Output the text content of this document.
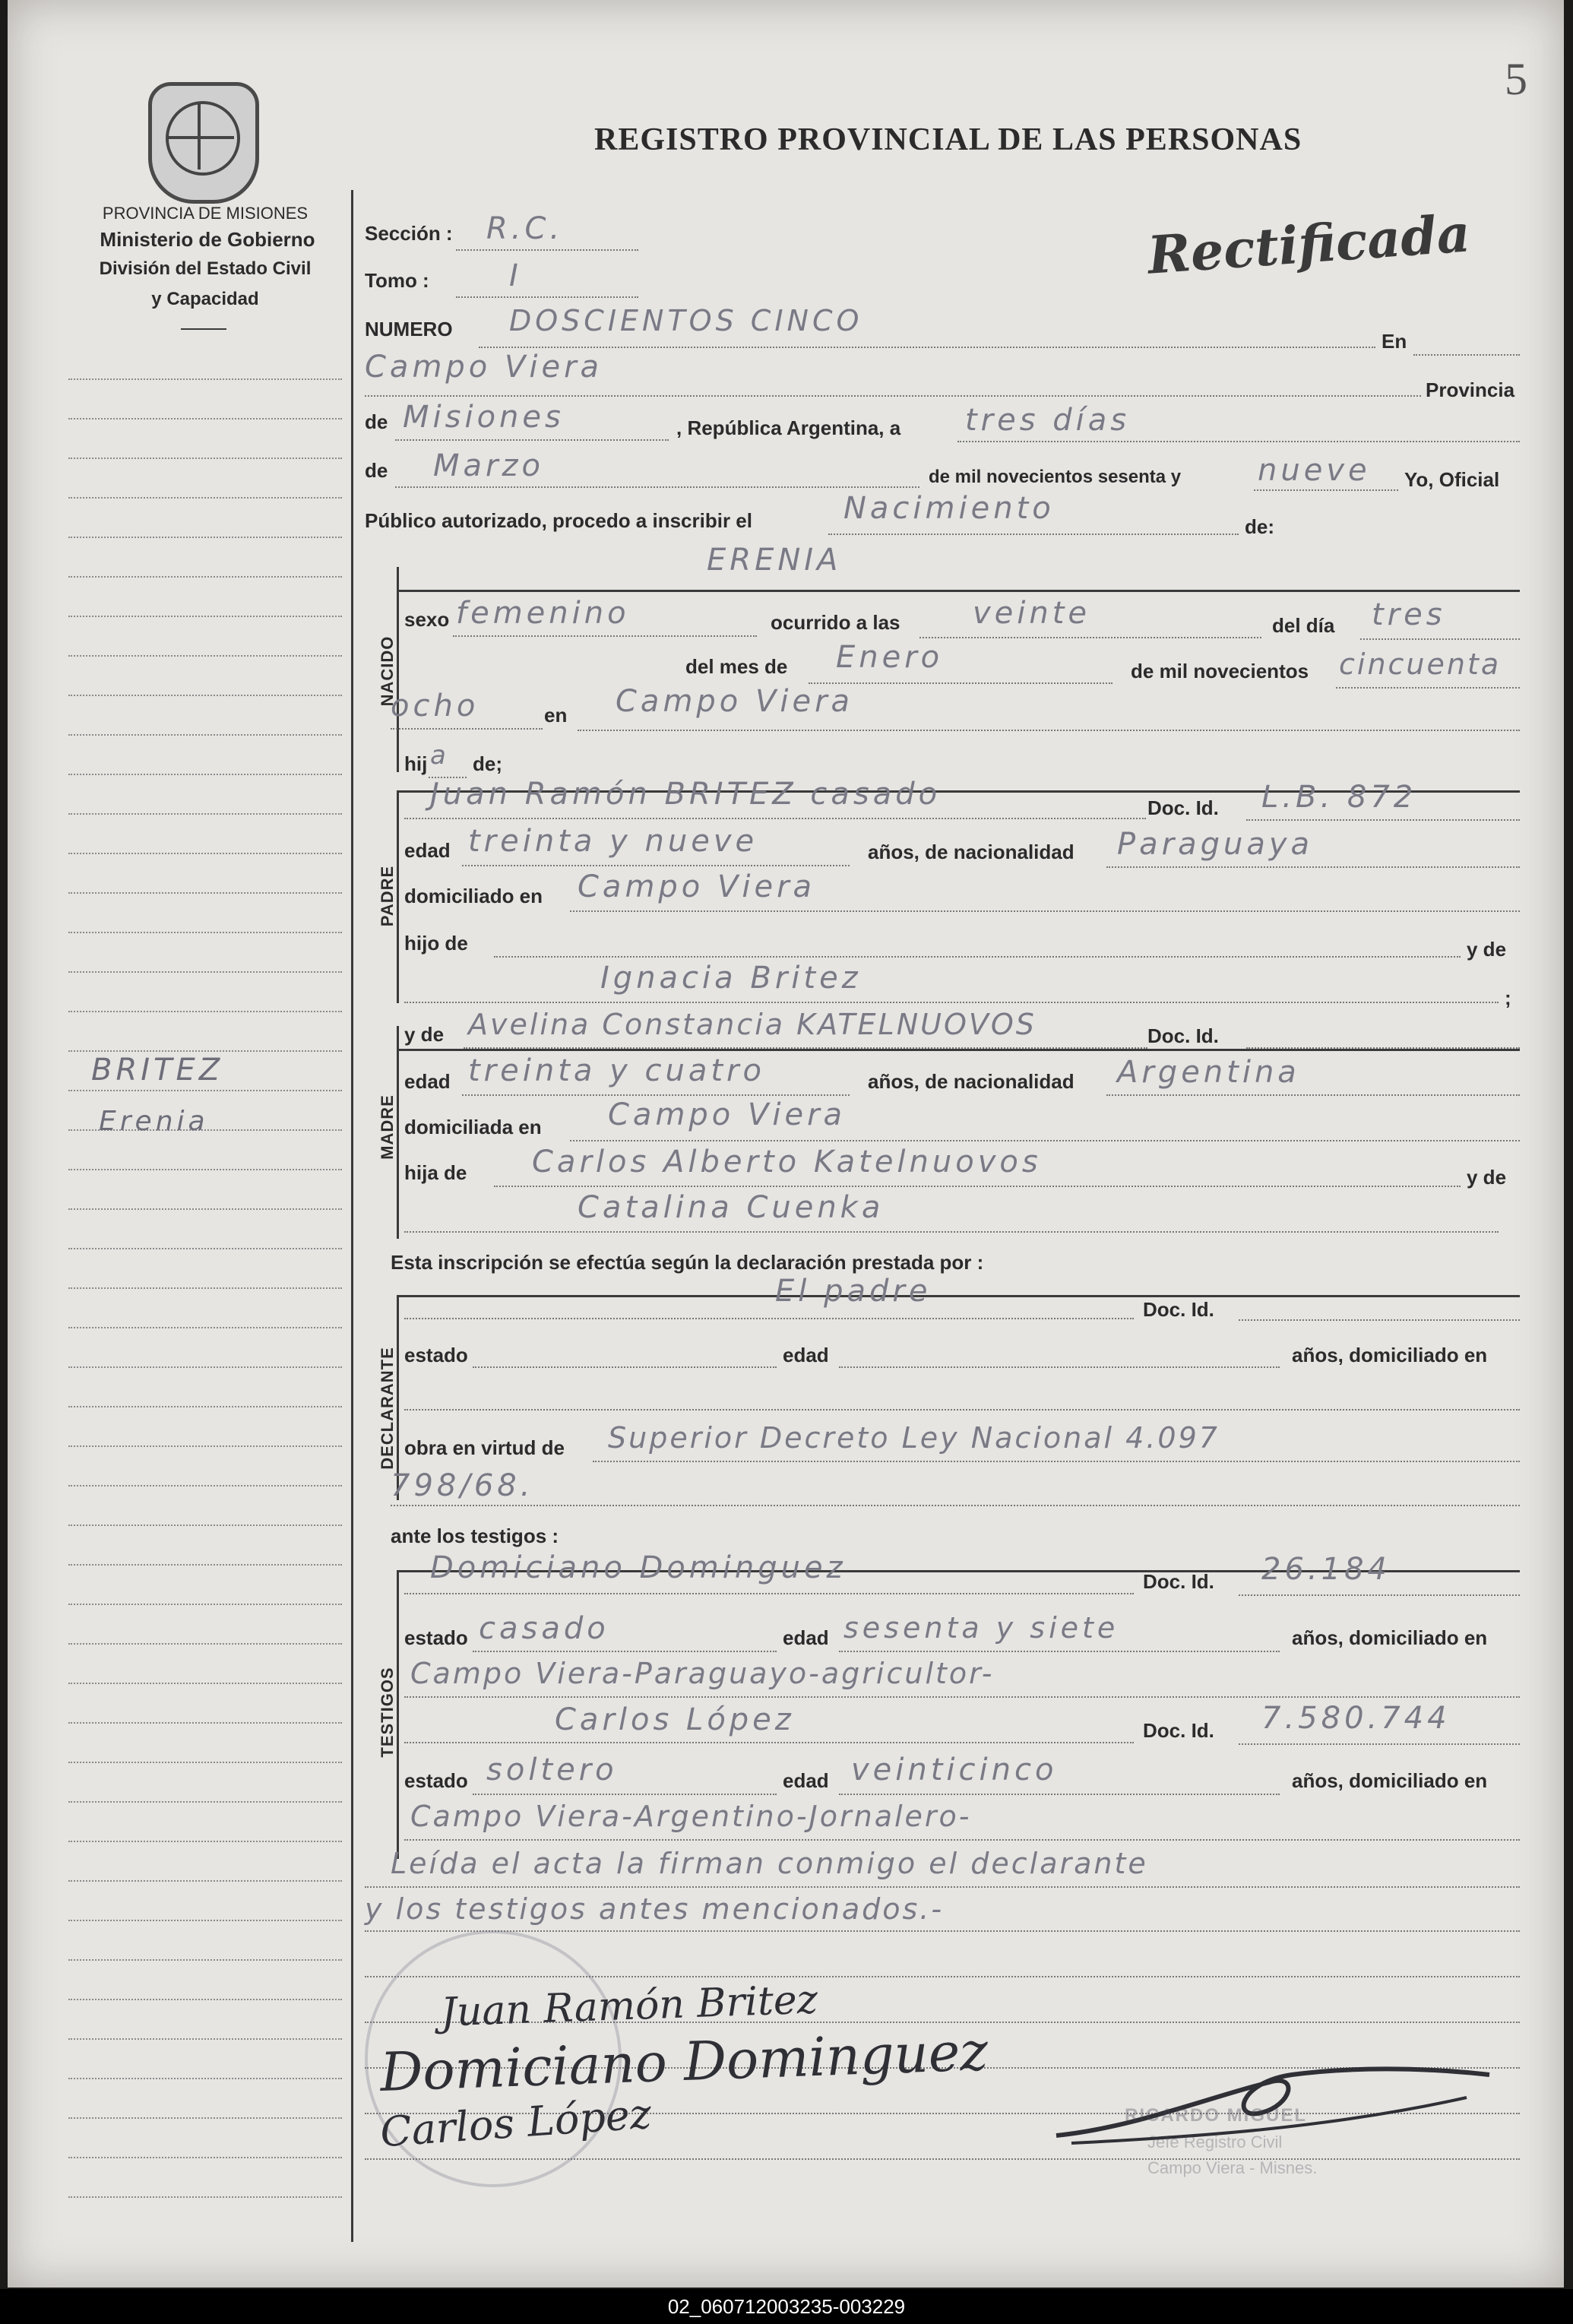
5
PROVINCIA DE MISIONES
Ministerio de Gobierno
División del Estado Civil
y Capacidad
REGISTRO PROVINCIAL DE LAS PERSONAS
Rectificada
BRITEZ
Erenia
Sección : R.C.
Tomo :	I
NUMERO DOSCIENTOS CINCO
En
Campo Viera
Provincia
de Misiones	, República Argentina, a tres días
de Marzo	de mil novecientos sesenta y	nueve Yo, Oficial
Público autorizado, procedo a inscribir el	Nacimiento
de:
ERENIA
NACIDO
sexo femenino	ocurrido a las veinte	del día tres
del mes de Enero	de mil novecientos cincuenta
ocho	en Campo Viera
hij a de;
PADRE
Juan Ramón BRITEZ casado	Doc. Id. L.B. 872
edad treinta y nueve	años, de nacionalidad Paraguaya
domiciliado en Campo Viera
hijo de	y de
Ignacia Britez
;
MADRE
y de Avelina Constancia KATELNUOVOS	Doc. Id.
edad treinta y cuatro	años, de nacionalidad Argentina
domiciliada en Campo Viera
hija de Carlos Alberto Katelnuovos	y de
Catalina Cuenka
Esta inscripción se efectúa según la declaración prestada por :
DECLARANTE
El padre
Doc. Id.
estado	edad	años, domiciliado en
obra en virtud de Superior Decreto Ley Nacional 4.097
798/68.
ante los testigos :
TESTIGOS
Domiciano Dominguez	Doc. Id. 26.184
estado casado	edad sesenta y siete	años, domiciliado en
Campo Viera-Paraguayo-agricultor-
Carlos López	Doc. Id. 7.580.744
estado soltero	edad veinticinco	años, domiciliado en
Campo Viera-Argentino-Jornalero-
Leída el acta la firman conmigo el declarante
y los testigos antes mencionados.-
Juan Ramón Britez
Domiciano Dominguez
Carlos López	RICARDO MIGUEL
Jefe Registro Civil
Campo Viera - Misnes.
02_060712003235-003229
